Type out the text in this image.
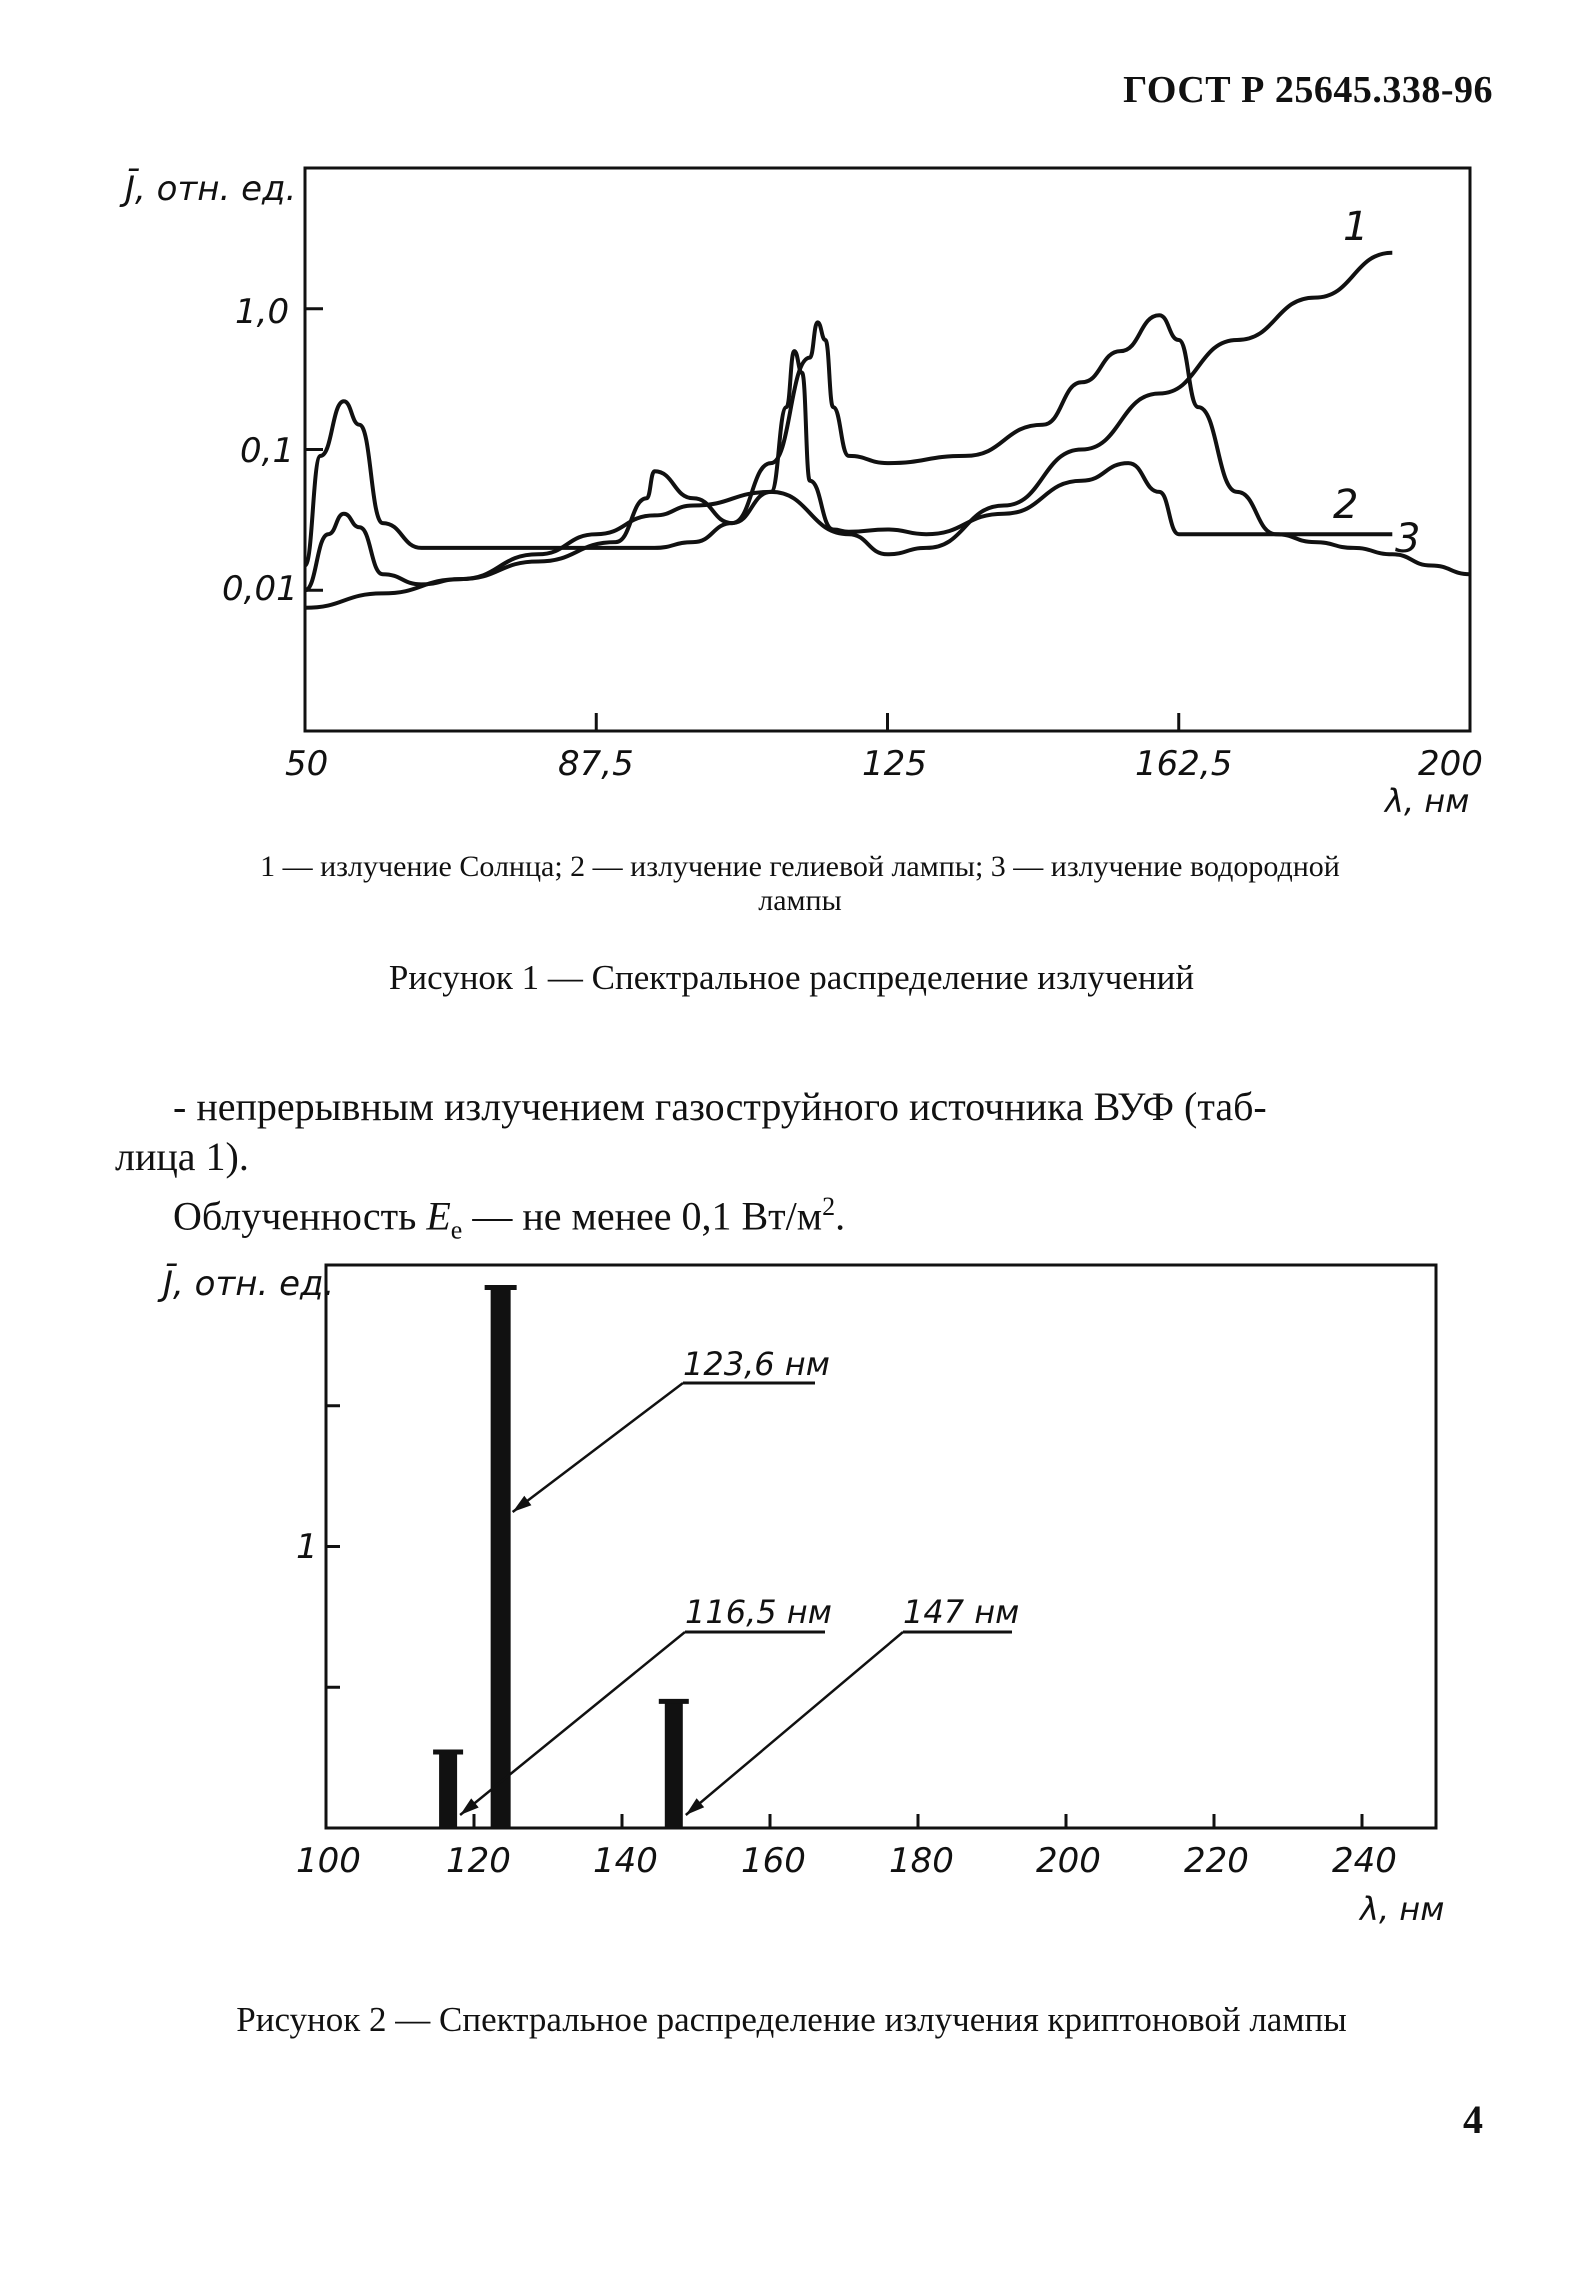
ГОСТ Р 25645.338-96
J̄, отн. ед.
λ, нм
1,0
0,1
0,01
50	87,5	125	162,5	200
1
2
3
1 — излучение Солнца; 2 — излучение гелиевой лампы; 3 — излучение водородной
лампы
Рисунок 1 — Спектральное распределение излучений
- непрерывным излучением газоструйного источника ВУФ (таб-
лица 1).
Облученность $E_e$ — не менее 0,1 $Вт/м^2$.
J̄, отн. ед.
λ, нм
1
100	120 140 160 180 200 220 240
123,6 нм
116,5 нм 147 нм
Рисунок 2 — Спектральное распределение излучения криптоновой лампы
4
